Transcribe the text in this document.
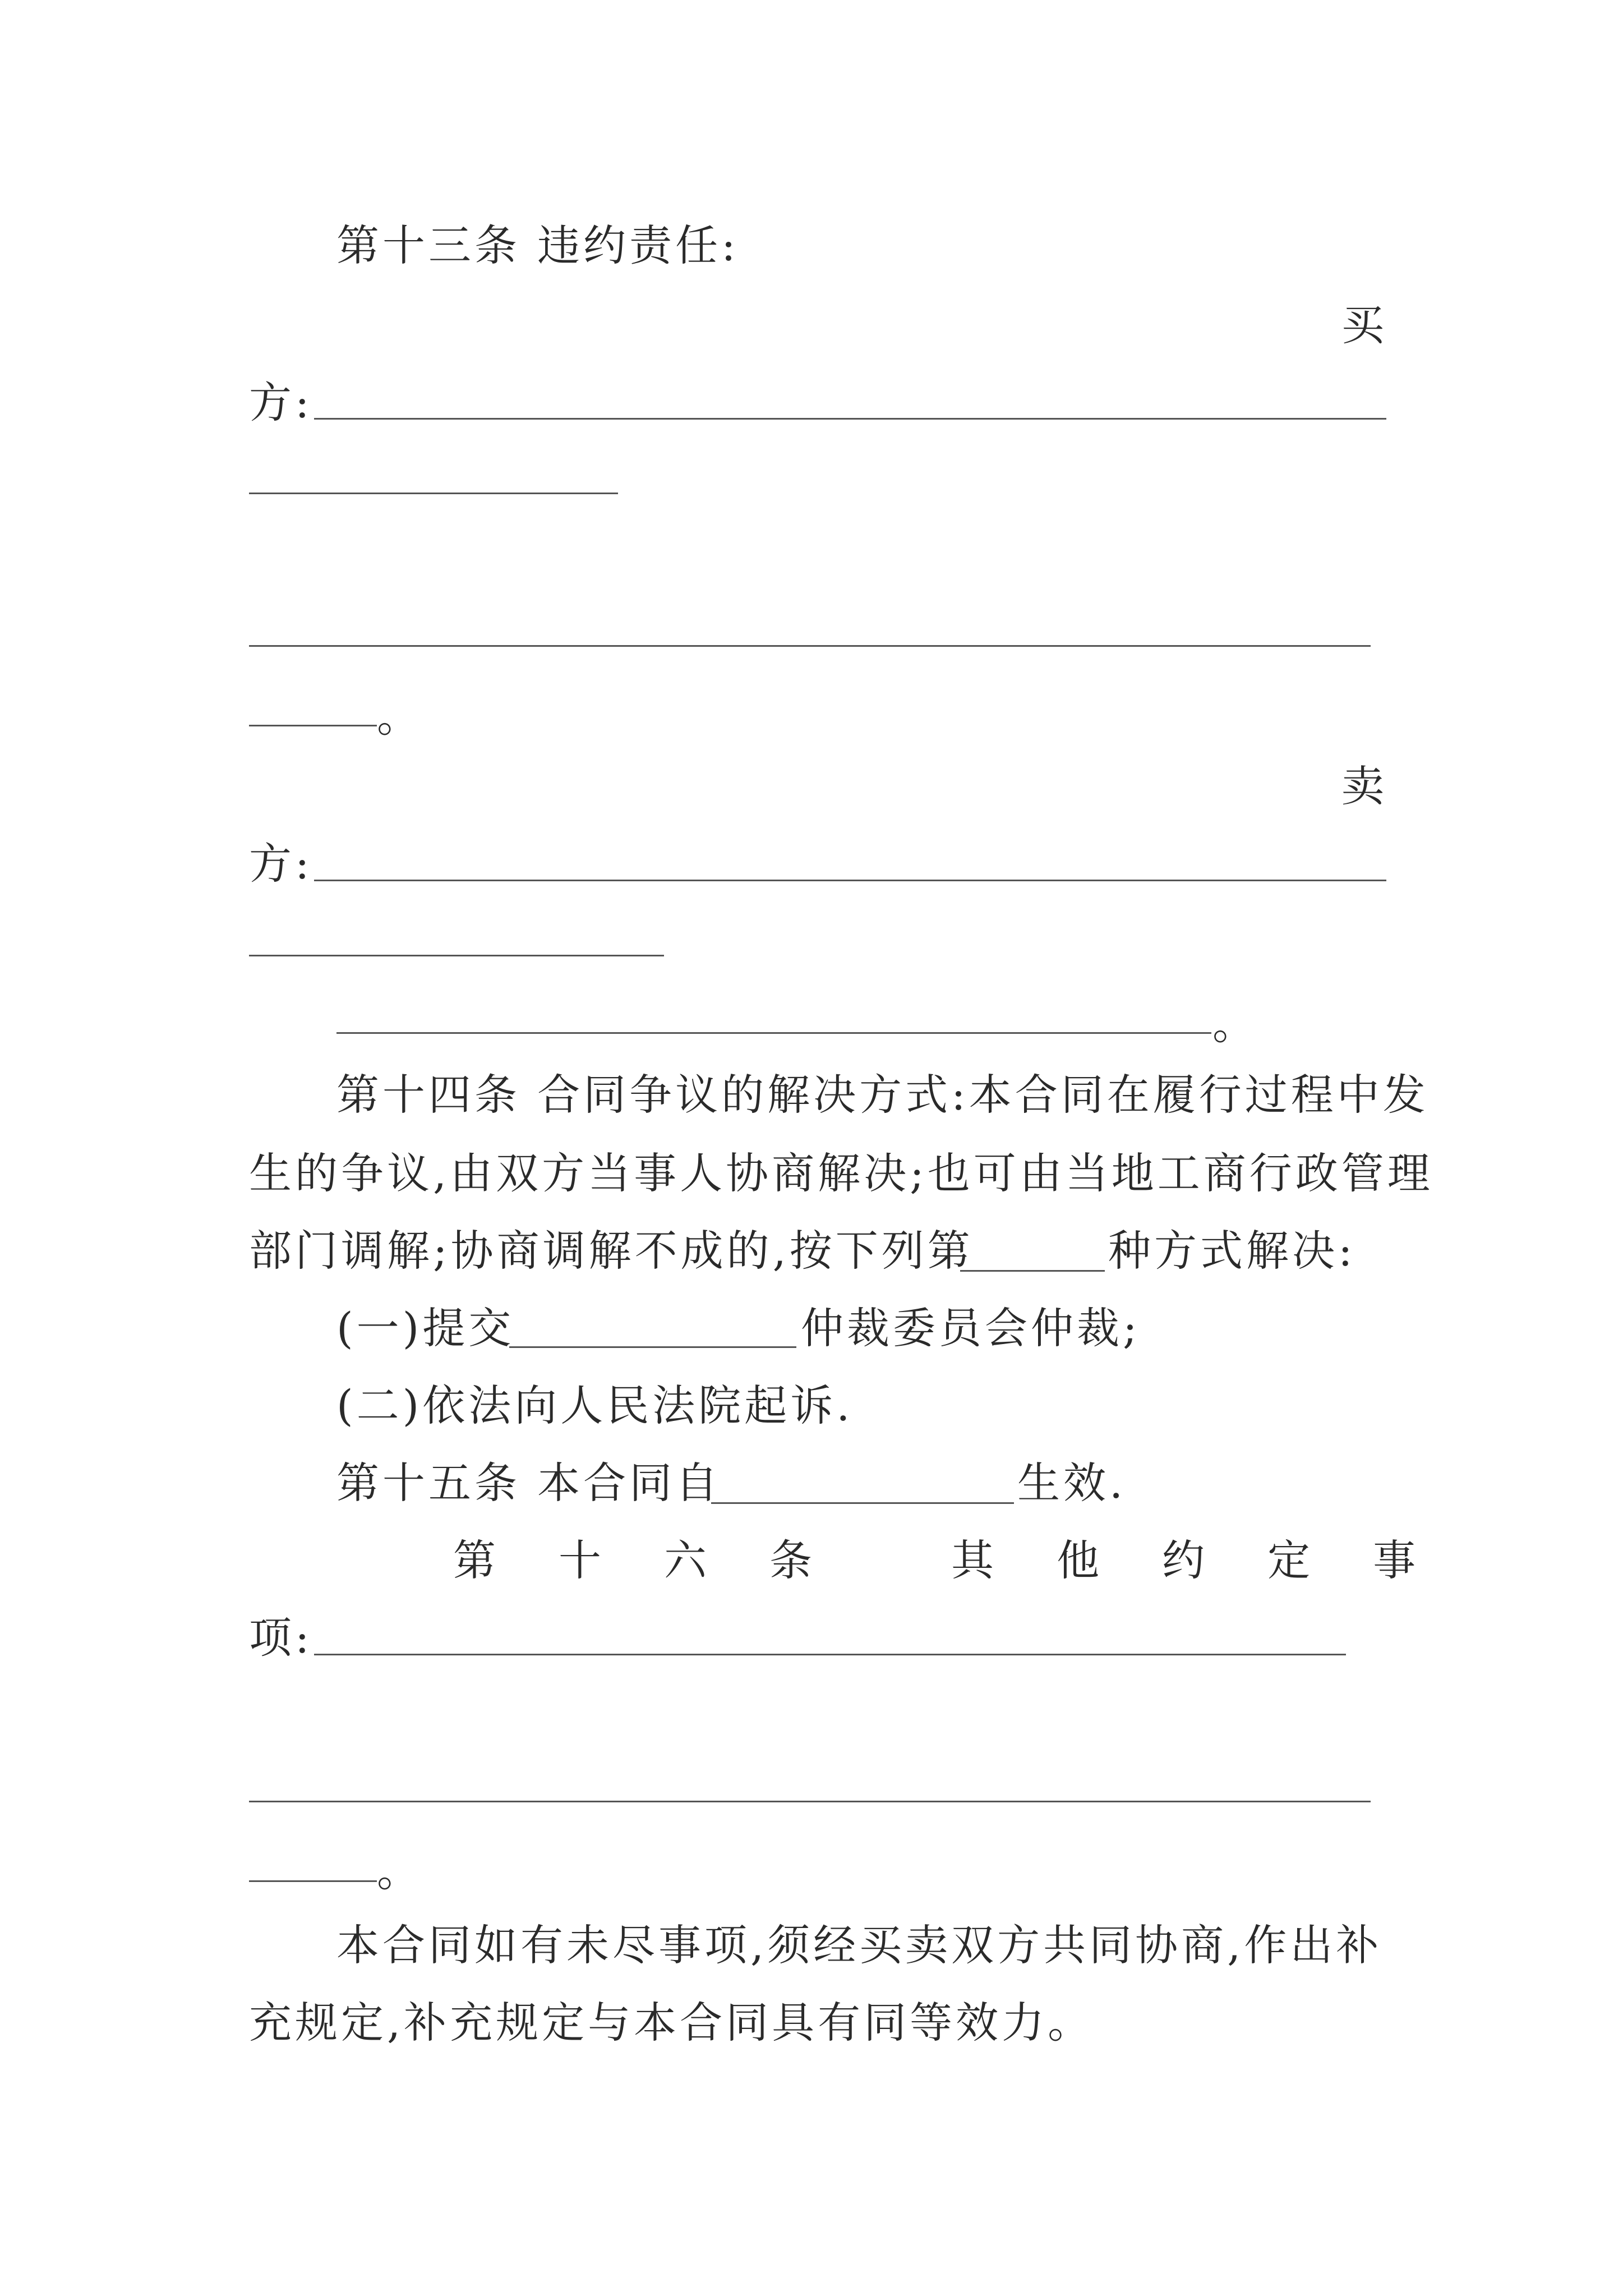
第十三条 违约责任:
买
方:
。
卖
方:
。
第十四条 合同争议的解决方式:本合同在履行过程中发
生的争议,由双方当事人协商解决;也可由当地工商行政管理
部门调解;协商调解不成的,按下列第	种方式解决:
(一)提交	仲裁委员会仲裁;
(二)依法向人民法院起诉.
第十五条 本合同自	生效.
第十六条 其他约定事
项:
。
本合同如有未尽事项,须经买卖双方共同协商,作出补
充规定,补充规定与本合同具有同等效力。
